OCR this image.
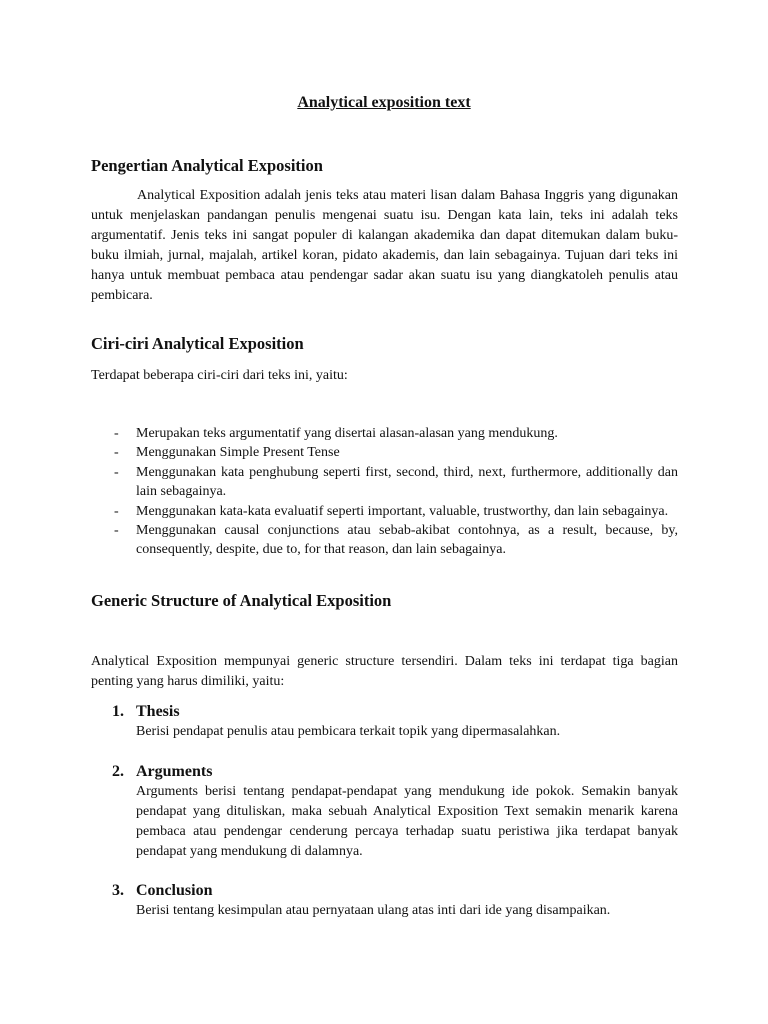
Analytical exposition text
Pengertian Analytical Exposition

Analytical Exposition adalah jenis teks atau materi lisan dalam Bahasa Inggris yang digunakan untuk menjelaskan pandangan penulis mengenai suatu isu. Dengan kata lain, teks ini adalah teks argumentatif. Jenis teks ini sangat populer di kalangan akademika dan dapat ditemukan dalam buku-buku ilmiah, jurnal, majalah, artikel koran, pidato akademis, dan lain sebagainya. Tujuan dari teks ini hanya untuk membuat pembaca atau pendengar sadar akan suatu isu yang diangkatoleh penulis atau pembicara.

Ciri-ciri Analytical Exposition

Terdapat beberapa ciri-ciri dari teks ini, yaitu:

- Merupakan teks argumentatif yang disertai alasan-alasan yang mendukung.
- Menggunakan Simple Present Tense
- Menggunakan kata penghubung seperti first, second, third, next, furthermore, additionally dan lain sebagainya.
- Menggunakan kata-kata evaluatif seperti important, valuable, trustworthy, dan lain sebagainya.
- Menggunakan causal conjunctions atau sebab-akibat contohnya, as a result, because, by, consequently, despite, due to, for that reason, dan lain sebagainya.
Generic Structure of Analytical Exposition

Analytical Exposition mempunyai generic structure tersendiri. Dalam teks ini terdapat tiga bagian penting yang harus dimiliki, yaitu:

1. Thesis

Berisi pendapat penulis atau pembicara terkait topik yang dipermasalahkan.

2. Arguments

Arguments berisi tentang pendapat-pendapat yang mendukung ide pokok. Semakin banyak pendapat yang dituliskan, maka sebuah Analytical Exposition Text semakin menarik karena pembaca atau pendengar cenderung percaya terhadap suatu peristiwa jika terdapat banyak pendapat yang mendukung di dalamnya.

3. Conclusion

Berisi tentang kesimpulan atau pernyataan ulang atas inti dari ide yang disampaikan.
